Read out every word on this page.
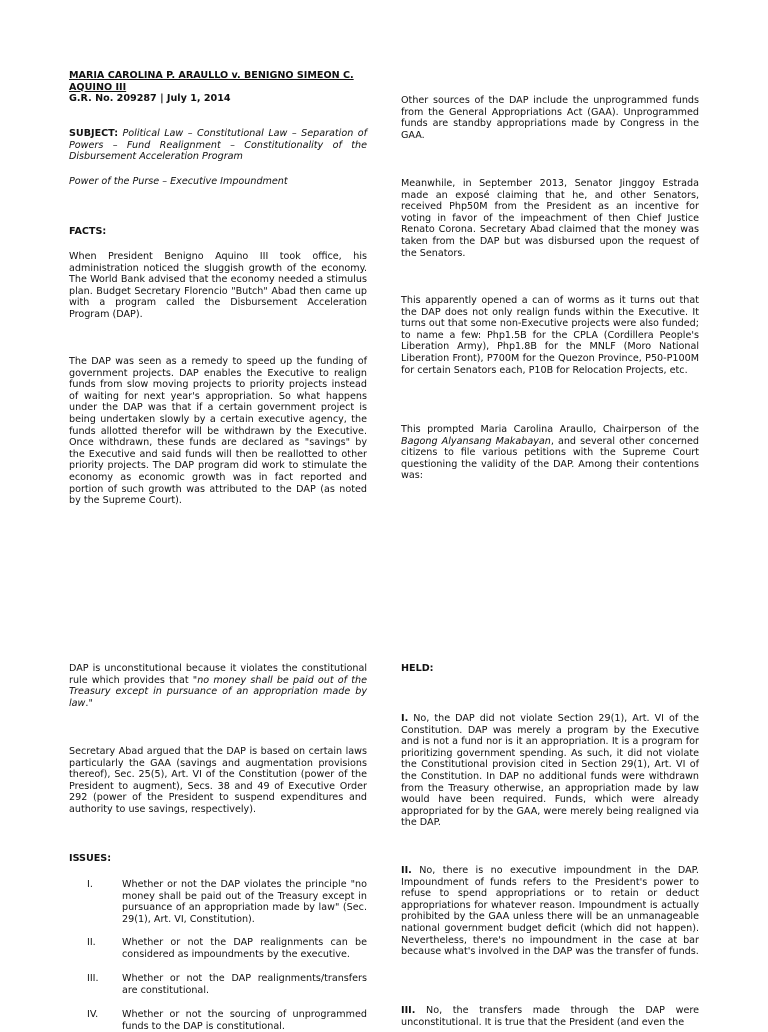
MARIA CAROLINA P. ARAULLO v. BENIGNO SIMEON C.
AQUINO III
G.R. No. 209287 | July 1, 2014

SUBJECT: Political Law – Constitutional Law – Separation of Powers – Fund Realignment – Constitutionality of the Disbursement Acceleration Program

Power of the Purse – Executive Impoundment

FACTS:

When President Benigno Aquino III took office, his administration noticed the sluggish growth of the economy. The World Bank advised that the economy needed a stimulus plan. Budget Secretary Florencio "Butch" Abad then came up with a program called the Disbursement Acceleration Program (DAP).

The DAP was seen as a remedy to speed up the funding of government projects. DAP enables the Executive to realign funds from slow moving projects to priority projects instead of waiting for next year's appropriation. So what happens under the DAP was that if a certain government project is being undertaken slowly by a certain executive agency, the funds allotted therefor will be withdrawn by the Executive. Once withdrawn, these funds are declared as "savings" by the Executive and said funds will then be reallotted to other priority projects. The DAP program did work to stimulate the economy as economic growth was in fact reported and portion of such growth was attributed to the DAP (as noted by the Supreme Court).

DAP is unconstitutional because it violates the constitutional rule which provides that "no money shall be paid out of the Treasury except in pursuance of an appropriation made by law."

Secretary Abad argued that the DAP is based on certain laws particularly the GAA (savings and augmentation provisions thereof), Sec. 25(5), Art. VI of the Constitution (power of the President to augment), Secs. 38 and 49 of Executive Order 292 (power of the President to suspend expenditures and authority to use savings, respectively).

ISSUES:

I.	Whether or not the DAP violates the principle "no money shall be paid out of the Treasury except in pursuance of an appropriation made by law" (Sec. 29(1), Art. VI, Constitution).
II.	Whether or not the DAP realignments can be considered as impoundments by the executive.
III.	Whether or not the DAP realignments/transfers are constitutional.
IV.	Whether or not the sourcing of unprogrammed funds to the DAP is constitutional.

Other sources of the DAP include the unprogrammed funds from the General Appropriations Act (GAA). Unprogrammed funds are standby appropriations made by Congress in the GAA.

Meanwhile, in September 2013, Senator Jinggoy Estrada made an exposé claiming that he, and other Senators, received Php50M from the President as an incentive for voting in favor of the impeachment of then Chief Justice Renato Corona. Secretary Abad claimed that the money was taken from the DAP but was disbursed upon the request of the Senators.

This apparently opened a can of worms as it turns out that the DAP does not only realign funds within the Executive. It turns out that some non-Executive projects were also funded; to name a few: Php1.5B for the CPLA (Cordillera People's Liberation Army), Php1.8B for the MNLF (Moro National Liberation Front), P700M for the Quezon Province, P50-P100M for certain Senators each, P10B for Relocation Projects, etc.

This prompted Maria Carolina Araullo, Chairperson of the Bagong Alyansang Makabayan, and several other concerned citizens to file various petitions with the Supreme Court questioning the validity of the DAP. Among their contentions was:

HELD:

I. No, the DAP did not violate Section 29(1), Art. VI of the Constitution. DAP was merely a program by the Executive and is not a fund nor is it an appropriation. It is a program for prioritizing government spending. As such, it did not violate the Constitutional provision cited in Section 29(1), Art. VI of the Constitution. In DAP no additional funds were withdrawn from the Treasury otherwise, an appropriation made by law would have been required. Funds, which were already appropriated for by the GAA, were merely being realigned via the DAP.

II. No, there is no executive impoundment in the DAP. Impoundment of funds refers to the President's power to refuse to spend appropriations or to retain or deduct appropriations for whatever reason. Impoundment is actually prohibited by the GAA unless there will be an unmanageable national government budget deficit (which did not happen). Nevertheless, there's no impoundment in the case at bar because what's involved in the DAP was the transfer of funds.

III. No, the transfers made through the DAP were unconstitutional. It is true that the President (and even the
